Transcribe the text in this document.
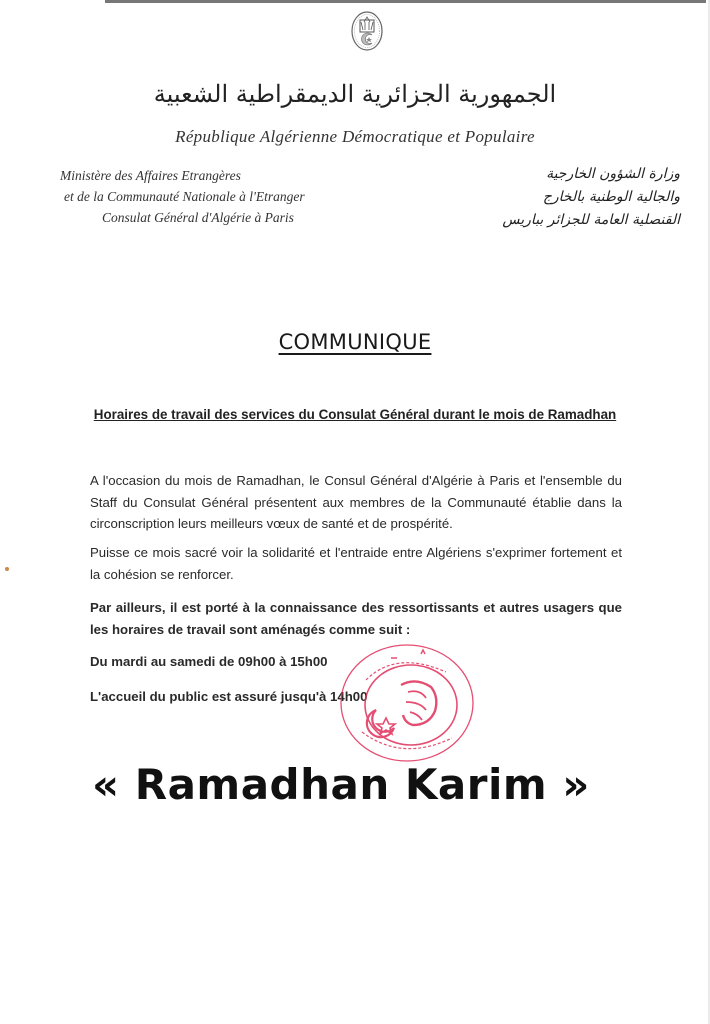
الجمهورية الجزائرية الديمقراطية الشعبية
République Algérienne Démocratique et Populaire
Ministère des Affaires Etrangères
et de la Communauté Nationale à l'Etranger
Consulat Général d'Algérie à Paris
وزارة الشؤون الخارجية
والجالية الوطنية بالخارج
القنصلية العامة للجزائر بباريس
COMMUNIQUE
Horaires de travail des services du Consulat Général durant le mois de Ramadhan
A l'occasion du mois de Ramadhan, le Consul Général d'Algérie à Paris et l'ensemble du Staff du Consulat Général présentent aux membres de la Communauté établie dans la circonscription leurs meilleurs vœux de santé et de prospérité.
Puisse ce mois sacré voir la solidarité et l'entraide entre Algériens s'exprimer fortement et la cohésion se renforcer.
Par ailleurs, il est porté à la connaissance des ressortissants et autres usagers que les horaires de travail sont aménagés comme suit :
Du mardi au samedi de 09h00 à 15h00
L'accueil du public est assuré jusqu'à 14h00
« Ramadhan Karim »
